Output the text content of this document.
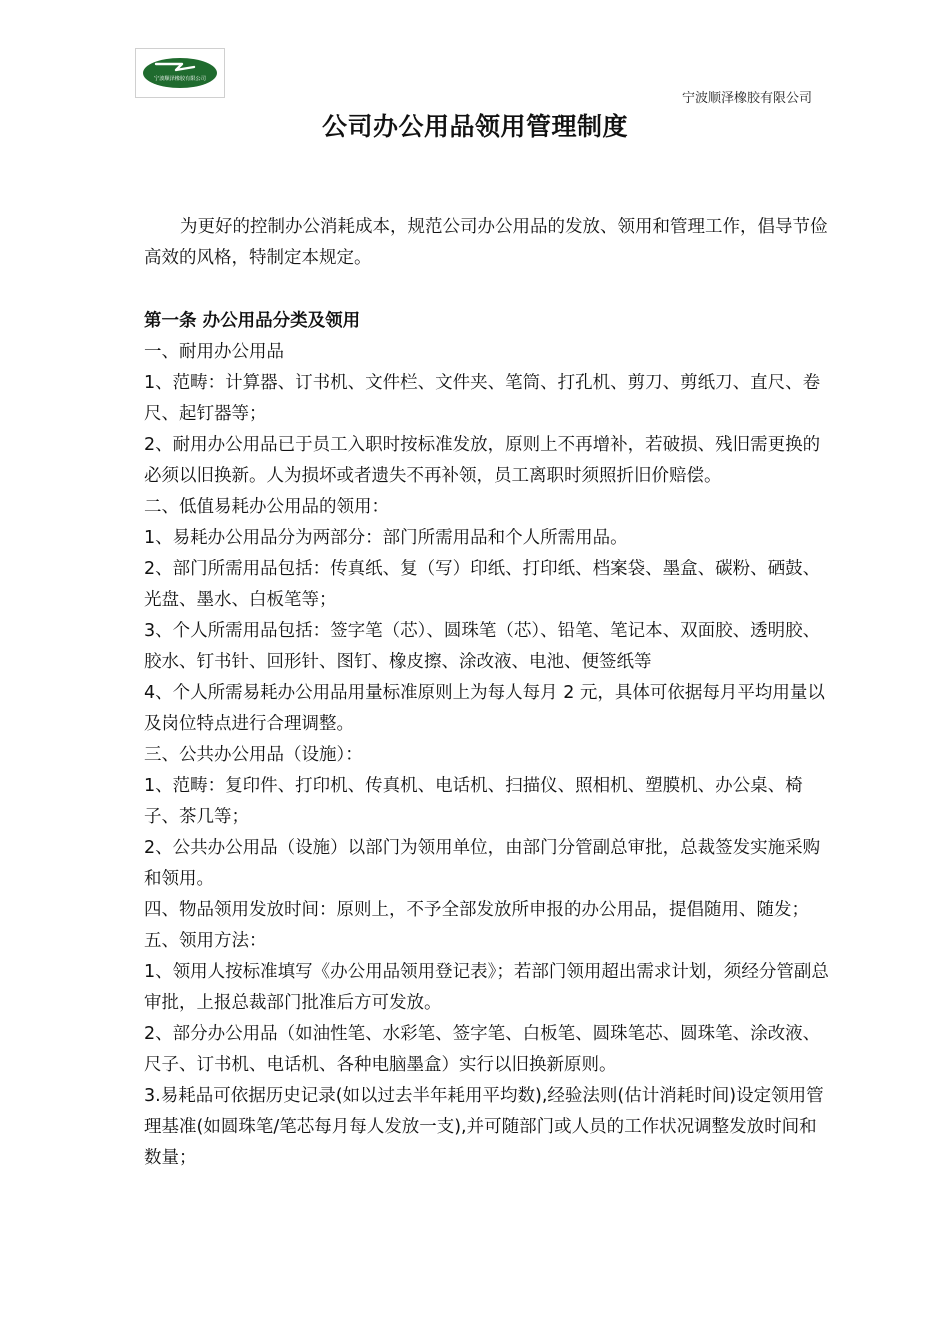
宁波顺泽橡胶有限公司
宁波顺泽橡胶有限公司
公司办公用品领用管理制度

为更好的控制办公消耗成本，规范公司办公用品的发放、领用和管理工作，倡导节俭高效的风格，特制定本规定。

第一条 办公用品分类及领用

一、耐用办公用品

1、范畴：计算器、订书机、文件栏、文件夹、笔筒、打孔机、剪刀、剪纸刀、直尺、卷尺、起钉器等；

2、耐用办公用品已于员工入职时按标准发放，原则上不再增补，若破损、残旧需更换的必须以旧换新。人为损坏或者遗失不再补领，员工离职时须照折旧价赔偿。

二、低值易耗办公用品的领用：

1、易耗办公用品分为两部分：部门所需用品和个人所需用品。

2、部门所需用品包括：传真纸、复（写）印纸、打印纸、档案袋、墨盒、碳粉、硒鼓、光盘、墨水、白板笔等；

3、个人所需用品包括：签字笔（芯）、圆珠笔（芯）、铅笔、笔记本、双面胶、透明胶、胶水、钉书针、回形针、图钉、橡皮擦、涂改液、电池、便签纸等

4、个人所需易耗办公用品用量标准原则上为每人每月 2 元，具体可依据每月平均用量以及岗位特点进行合理调整。

三、公共办公用品（设施）：

1、范畴：复印件、打印机、传真机、电话机、扫描仪、照相机、塑膜机、办公桌、椅子、茶几等；

2、公共办公用品（设施）以部门为领用单位，由部门分管副总审批，总裁签发实施采购和领用。

四、物品领用发放时间：原则上，不予全部发放所申报的办公用品，提倡随用、随发；

五、领用方法：

1、领用人按标准填写《办公用品领用登记表》；若部门领用超出需求计划，须经分管副总审批，上报总裁部门批准后方可发放。

2、部分办公用品（如油性笔、水彩笔、签字笔、白板笔、圆珠笔芯、圆珠笔、涂改液、尺子、订书机、电话机、各种电脑墨盒）实行以旧换新原则。

3.易耗品可依据历史记录(如以过去半年耗用平均数),经验法则(估计消耗时间)设定领用管理基准(如圆珠笔/笔芯每月每人发放一支),并可随部门或人员的工作状况调整发放时间和数量；
